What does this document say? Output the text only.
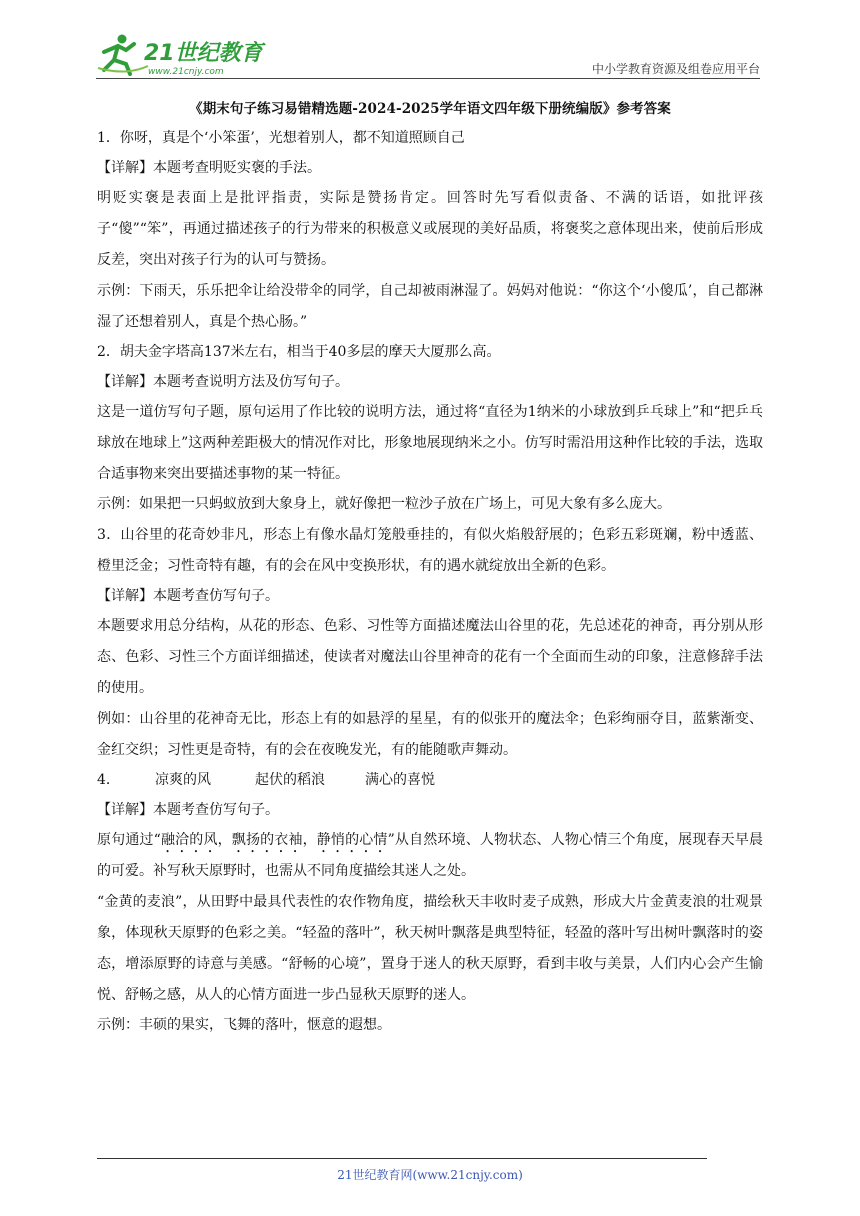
21世纪教育
www.21cnjy.com	中小学教育资源及组卷应用平台
《期末句子练习易错精选题-2024-2025学年语文四年级下册统编版》参考答案

1．你呀，真是个‘小笨蛋’，光想着别人，都不知道照顾自己

【详解】本题考查明贬实褒的手法。

明贬实褒是表面上是批评指责，实际是赞扬肯定。回答时先写看似责备、不满的话语，如批评孩子“傻”“笨”，再通过描述孩子的行为带来的积极意义或展现的美好品质，将褒奖之意体现出来，使前后形成反差，突出对孩子行为的认可与赞扬。

示例：下雨天，乐乐把伞让给没带伞的同学，自己却被雨淋湿了。妈妈对他说：“你这个‘小傻瓜’，自己都淋湿了还想着别人，真是个热心肠。”

2．胡夫金字塔高137米左右，相当于40多层的摩天大厦那么高。

【详解】本题考查说明方法及仿写句子。

这是一道仿写句子题，原句运用了作比较的说明方法，通过将“直径为1纳米的小球放到乒乓球上”和“把乒乓球放在地球上”这两种差距极大的情况作对比，形象地展现纳米之小。仿写时需沿用这种作比较的手法，选取合适事物来突出要描述事物的某一特征。

示例：如果把一只蚂蚁放到大象身上，就好像把一粒沙子放在广场上，可见大象有多么庞大。

3．山谷里的花奇妙非凡，形态上有像水晶灯笼般垂挂的，有似火焰般舒展的；色彩五彩斑斓，粉中透蓝、橙里泛金；习性奇特有趣，有的会在风中变换形状，有的遇水就绽放出全新的色彩。

【详解】本题考查仿写句子。

本题要求用总分结构，从花的形态、色彩、习性等方面描述魔法山谷里的花，先总述花的神奇，再分别从形态、色彩、习性三个方面详细描述，使读者对魔法山谷里神奇的花有一个全面而生动的印象，注意修辞手法的使用。

例如：山谷里的花神奇无比，形态上有的如悬浮的星星，有的似张开的魔法伞；色彩绚丽夺目，蓝紫渐变、金红交织；习性更是奇特，有的会在夜晚发光，有的能随歌声舞动。

4．	凉爽的风	起伏的稻浪	满心的喜悦

【详解】本题考查仿写句子。

原句通过“融洽的风，飘扬的衣袖，静悄的心情”从自然环境、人物状态、人物心情三个角度，展现春天早晨的可爱。补写秋天原野时，也需从不同角度描绘其迷人之处。

“金黄的麦浪”，从田野中最具代表性的农作物角度，描绘秋天丰收时麦子成熟，形成大片金黄麦浪的壮观景象，体现秋天原野的色彩之美。“轻盈的落叶”，秋天树叶飘落是典型特征，轻盈的落叶写出树叶飘落时的姿态，增添原野的诗意与美感。“舒畅的心境”，置身于迷人的秋天原野，看到丰收与美景，人们内心会产生愉悦、舒畅之感，从人的心情方面进一步凸显秋天原野的迷人。

示例：丰硕的果实，飞舞的落叶，惬意的遐想。

21世纪教育网(www.21cnjy.com)
